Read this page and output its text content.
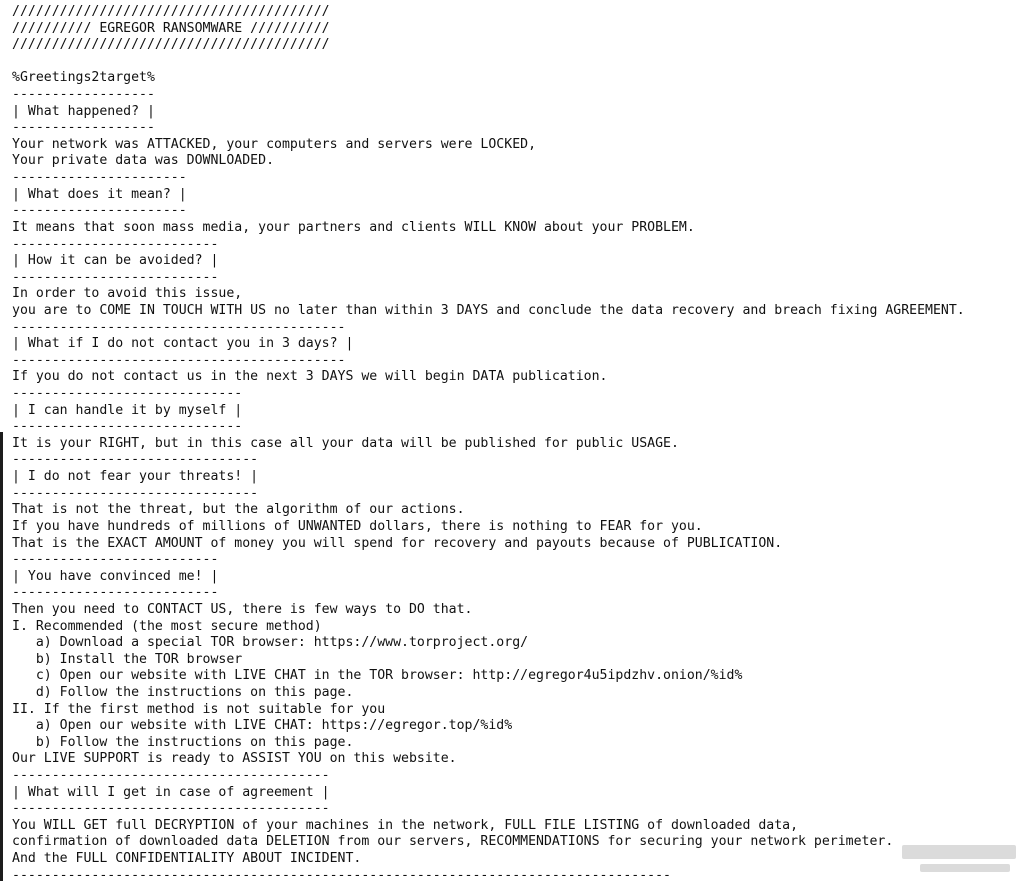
////////////////////////////////////////
////////// EGREGOR RANSOMWARE //////////
////////////////////////////////////////
%Greetings2target%
------------------
| What happened? |
------------------
Your network was ATTACKED, your computers and servers were LOCKED,
Your private data was DOWNLOADED.
----------------------
| What does it mean? |
----------------------
It means that soon mass media, your partners and clients WILL KNOW about your PROBLEM.
--------------------------
| How it can be avoided? |
--------------------------
In order to avoid this issue,
you are to COME IN TOUCH WITH US no later than within 3 DAYS and conclude the data recovery and breach fixing AGREEMENT.
------------------------------------------
| What if I do not contact you in 3 days? |
------------------------------------------
If you do not contact us in the next 3 DAYS we will begin DATA publication.
-----------------------------
| I can handle it by myself |
-----------------------------
It is your RIGHT, but in this case all your data will be published for public USAGE.
-------------------------------
| I do not fear your threats! |
-------------------------------
That is not the threat, but the algorithm of our actions.
If you have hundreds of millions of UNWANTED dollars, there is nothing to FEAR for you.
That is the EXACT AMOUNT of money you will spend for recovery and payouts because of PUBLICATION.
--------------------------
| You have convinced me! |
--------------------------
Then you need to CONTACT US, there is few ways to DO that.
I. Recommended (the most secure method)
a) Download a special TOR browser: https://www.torproject.org/
b) Install the TOR browser
c) Open our website with LIVE CHAT in the TOR browser: http://egregor4u5ipdzhv.onion/%id%
d) Follow the instructions on this page.
II. If the first method is not suitable for you
a) Open our website with LIVE CHAT: https://egregor.top/%id%
b) Follow the instructions on this page.
Our LIVE SUPPORT is ready to ASSIST YOU on this website.
----------------------------------------
| What will I get in case of agreement |
----------------------------------------
You WILL GET full DECRYPTION of your machines in the network, FULL FILE LISTING of downloaded data,
confirmation of downloaded data DELETION from our servers, RECOMMENDATIONS for securing your network perimeter.
And the FULL CONFIDENTIALITY ABOUT INCIDENT.
-----------------------------------------------------------------------------------
